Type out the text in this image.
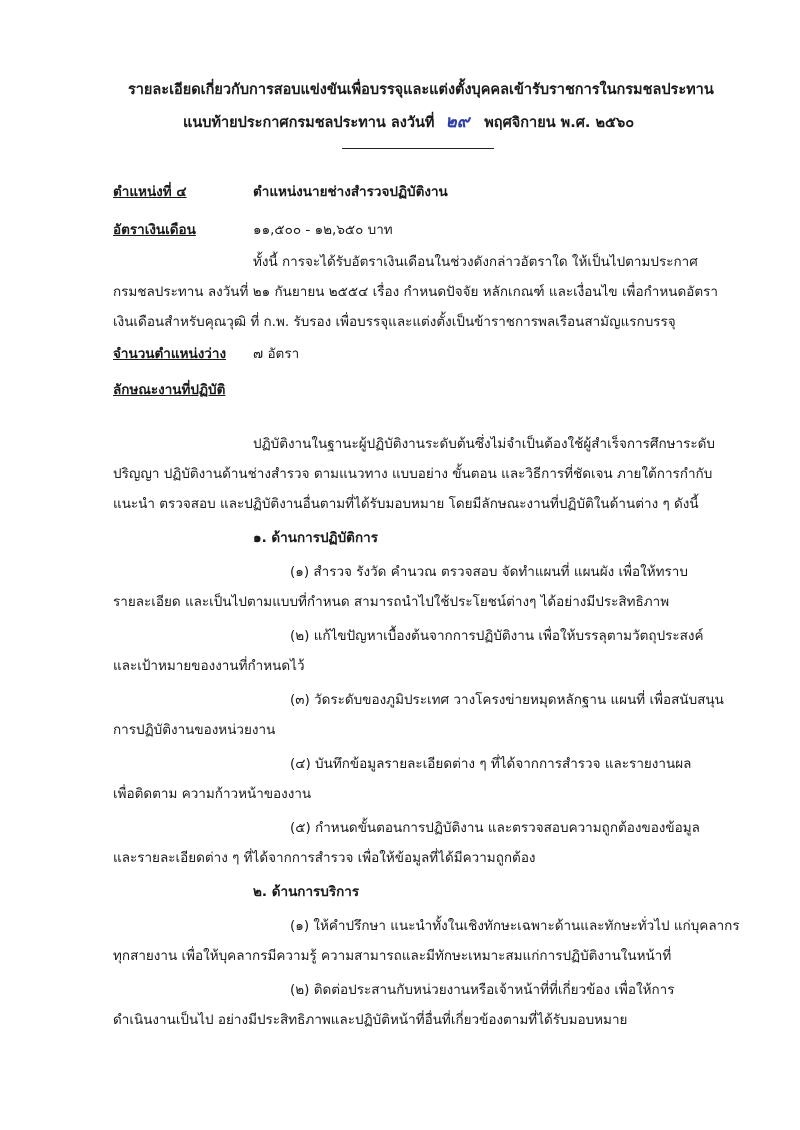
รายละเอียดเกี่ยวกับการสอบแข่งขันเพื่อบรรจุและแต่งตั้งบุคคลเข้ารับราชการในกรมชลประทาน
แนบท้ายประกาศกรมชลประทาน ลงวันที่ ๒๙ พฤศจิกายน พ.ศ. ๒๕๖๐
ตำแหน่งที่ ๔	ตำแหน่งนายช่างสำรวจปฏิบัติงาน
อัตราเงินเดือน	๑๑,๕๐๐ - ๑๒,๖๕๐ บาท
ทั้งนี้ การจะได้รับอัตราเงินเดือนในช่วงดังกล่าวอัตราใด ให้เป็นไปตามประกาศ
กรมชลประทาน ลงวันที่ ๒๑ กันยายน ๒๕๕๔ เรื่อง กำหนดปัจจัย หลักเกณฑ์ และเงื่อนไข เพื่อกำหนดอัตรา
เงินเดือนสำหรับคุณวุฒิ ที่ ก.พ. รับรอง เพื่อบรรจุและแต่งตั้งเป็นข้าราชการพลเรือนสามัญแรกบรรจุ
จำนวนตำแหน่งว่าง ๗ อัตรา
ลักษณะงานที่ปฏิบัติ
ปฏิบัติงานในฐานะผู้ปฏิบัติงานระดับต้นซึ่งไม่จำเป็นต้องใช้ผู้สำเร็จการศึกษาระดับ
ปริญญา ปฏิบัติงานด้านช่างสำรวจ ตามแนวทาง แบบอย่าง ขั้นตอน และวิธีการที่ชัดเจน ภายใต้การกำกับ
แนะนำ ตรวจสอบ และปฏิบัติงานอื่นตามที่ได้รับมอบหมาย โดยมีลักษณะงานที่ปฏิบัติในด้านต่าง ๆ ดังนี้
๑. ด้านการปฏิบัติการ
(๑) สำรวจ รังวัด คำนวณ ตรวจสอบ จัดทำแผนที่ แผนผัง เพื่อให้ทราบ
รายละเอียด และเป็นไปตามแบบที่กำหนด สามารถนำไปใช้ประโยชน์ต่างๆ ได้อย่างมีประสิทธิภาพ
(๒) แก้ไขปัญหาเบื้องต้นจากการปฏิบัติงาน เพื่อให้บรรลุตามวัตถุประสงค์
และเป้าหมายของงานที่กำหนดไว้
(๓) วัดระดับของภูมิประเทศ วางโครงข่ายหมุดหลักฐาน แผนที่ เพื่อสนับสนุน
การปฏิบัติงานของหน่วยงาน
(๔) บันทึกข้อมูลรายละเอียดต่าง ๆ ที่ได้จากการสำรวจ และรายงานผล
เพื่อติดตาม ความก้าวหน้าของงาน
(๕) กำหนดขั้นตอนการปฏิบัติงาน และตรวจสอบความถูกต้องของข้อมูล
และรายละเอียดต่าง ๆ ที่ได้จากการสำรวจ เพื่อให้ข้อมูลที่ได้มีความถูกต้อง
๒. ด้านการบริการ
(๑) ให้คำปรึกษา แนะนำทั้งในเชิงทักษะเฉพาะด้านและทักษะทั่วไป แก่บุคลากร
ทุกสายงาน เพื่อให้บุคลากรมีความรู้ ความสามารถและมีทักษะเหมาะสมแก่การปฏิบัติงานในหน้าที่
(๒) ติดต่อประสานกับหน่วยงานหรือเจ้าหน้าที่ที่เกี่ยวข้อง เพื่อให้การ
ดำเนินงานเป็นไป อย่างมีประสิทธิภาพและปฏิบัติหน้าที่อื่นที่เกี่ยวข้องตามที่ได้รับมอบหมาย
